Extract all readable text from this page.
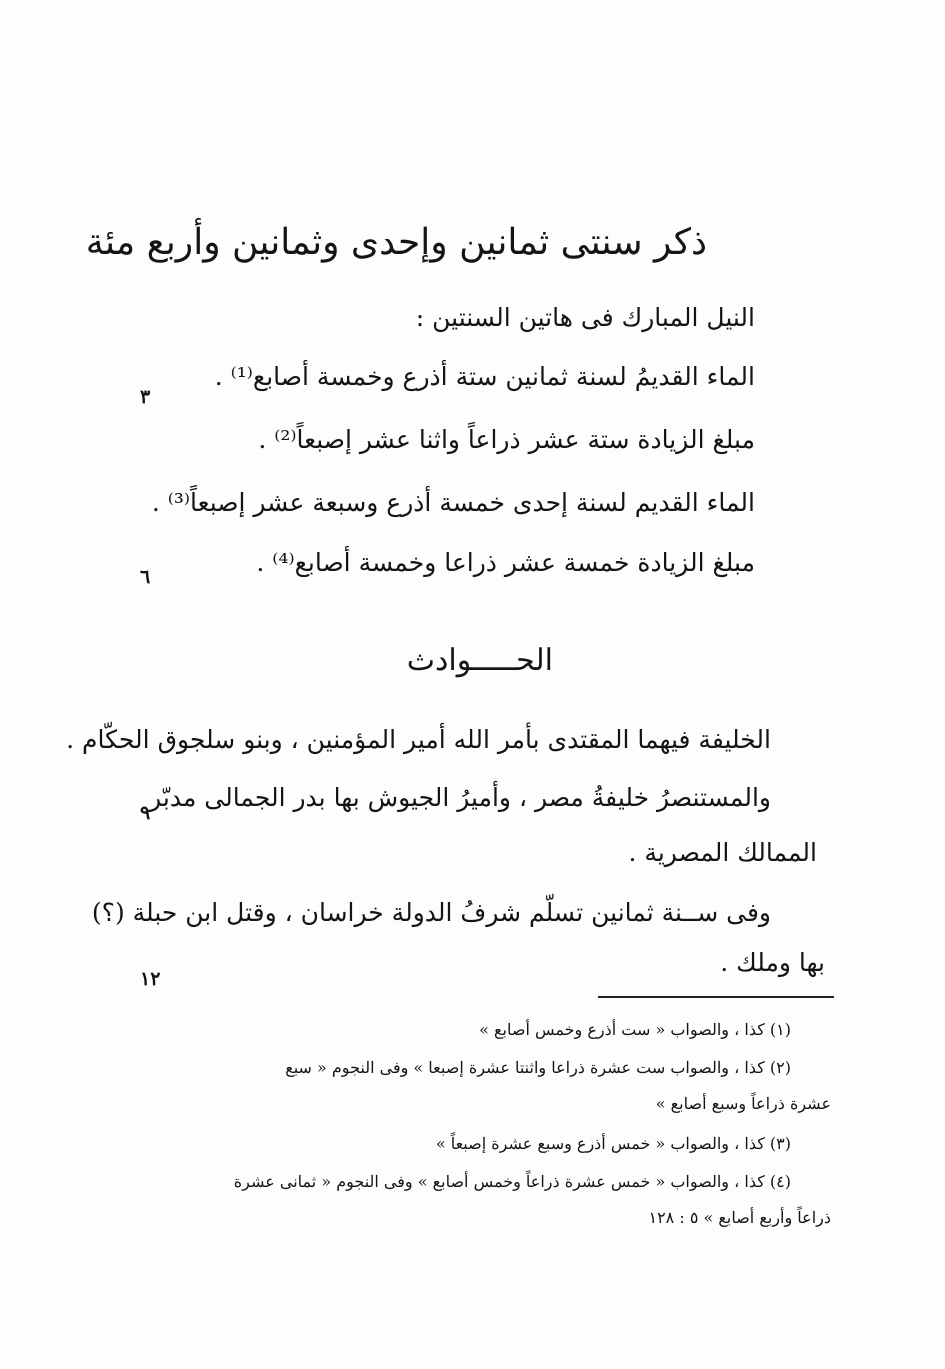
ذكر سنتى ثمانين وإحدى وثمانين وأربع مئة
النيل المبارك فى هاتين السنتين :
الماء القديمُ لسنة ثمانين ستة أذرع وخمسة أصابع⁽¹⁾ .
مبلغ الزيادة ستة عشر ذراعاً واثنا عشر إصبعاً⁽²⁾ .
الماء القديم لسنة إحدى خمسة أذرع وسبعة عشر إصبعاً⁽³⁾ .
مبلغ الزيادة خمسة عشر ذراعا وخمسة أصابع⁽⁴⁾ .
٣
٦
٩
١٢
الحـــــوادث
الخليفة فيهما المقتدى بأمر الله أمير المؤمنين ، وبنو سلجوق الحكّام .
والمستنصرُ خليفةُ مصر ، وأميرُ الجيوش بها بدر الجمالى مدبّر
الممالك المصرية .
وفى ســنة ثمانين تسلّم شرفُ الدولة خراسان ، وقتل ابن حبلة (؟)
بها وملك .
(١) كذا ، والصواب « ست أذرع وخمس أصابع »
(٢) كذا ، والصواب ست عشرة ذراعا واثنتا عشرة إصبعا » وفى النجوم « سبع
عشرة ذراعاً وسبع أصابع »
(٣) كذا ، والصواب « خمس أذرع وسبع عشرة إصبعاً »
(٤) كذا ، والصواب « خمس عشرة ذراعاً وخمس أصابع » وفى النجوم « ثمانى عشرة
ذراعاً وأربع أصابع » ٥ : ١٢٨
